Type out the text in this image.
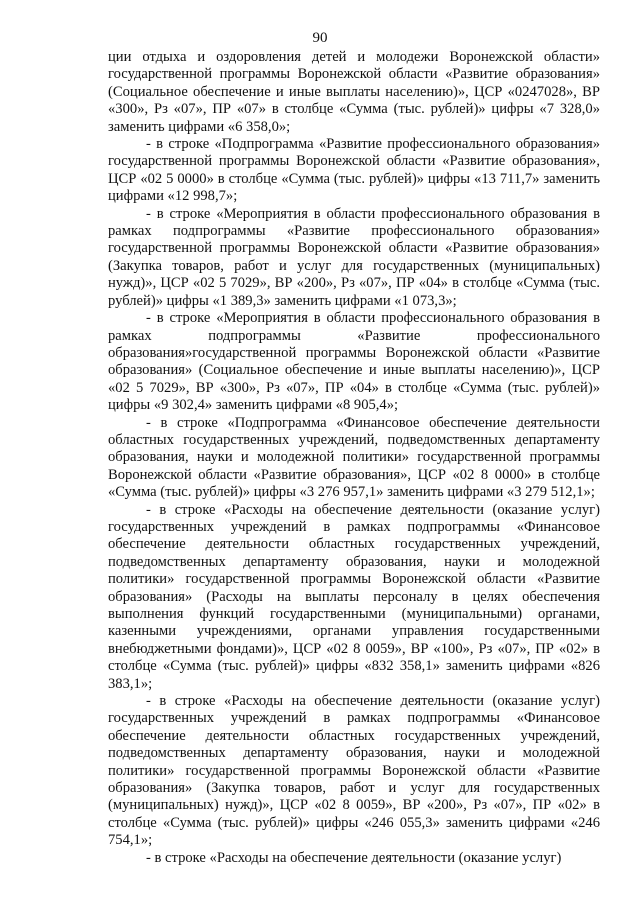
90

ции отдыха и оздоровления детей и молодежи Воронежской области» государственной программы Воронежской области «Развитие образования» (Социальное обеспечение и иные выплаты населению)», ЦСР «0247028», ВР «300», Рз «07», ПР «07» в столбце «Сумма (тыс. рублей)» цифры «7 328,0» заменить цифрами «6 358,0»;

- в строке «Подпрограмма «Развитие профессионального образования» государственной программы Воронежской области «Развитие образования», ЦСР «02 5 0000» в столбце «Сумма (тыс. рублей)» цифры «13 711,7» заменить цифрами «12 998,7»;

- в строке «Мероприятия в области профессионального образования в рамках подпрограммы «Развитие профессионального образования» государственной программы Воронежской области «Развитие образования» (Закупка товаров, работ и услуг для государственных (муниципальных) нужд)», ЦСР «02 5 7029», ВР «200», Рз «07», ПР «04» в столбце «Сумма (тыс. рублей)» цифры «1 389,3» заменить цифрами «1 073,3»;

- в строке «Мероприятия в области профессионального образования в рамках подпрограммы «Развитие профессионального образования»государственной программы Воронежской области «Развитие образования» (Социальное обеспечение и иные выплаты населению)», ЦСР «02 5 7029», ВР «300», Рз «07», ПР «04» в столбце «Сумма (тыс. рублей)» цифры «9 302,4» заменить цифрами «8 905,4»;

- в строке «Подпрограмма «Финансовое обеспечение деятельности областных государственных учреждений, подведомственных департаменту образования, науки и молодежной политики» государственной программы Воронежской области «Развитие образования», ЦСР «02 8 0000» в столбце «Сумма (тыс. рублей)» цифры «3 276 957,1» заменить цифрами «3 279 512,1»;

- в строке «Расходы на обеспечение деятельности (оказание услуг) государственных учреждений в рамках подпрограммы «Финансовое обеспечение деятельности областных государственных учреждений, подведомственных департаменту образования, науки и молодежной политики» государственной программы Воронежской области «Развитие образования» (Расходы на выплаты персоналу в целях обеспечения выполнения функций государственными (муниципальными) органами, казенными учреждениями, органами управления государственными внебюджетными фондами)», ЦСР «02 8 0059», ВР «100», Рз «07», ПР «02» в столбце «Сумма (тыс. рублей)» цифры «832 358,1» заменить цифрами «826 383,1»;

- в строке «Расходы на обеспечение деятельности (оказание услуг) государственных учреждений в рамках подпрограммы «Финансовое обеспечение деятельности областных государственных учреждений, подведомственных департаменту образования, науки и молодежной политики» государственной программы Воронежской области «Развитие образования» (Закупка товаров, работ и услуг для государственных (муниципальных) нужд)», ЦСР «02 8 0059», ВР «200», Рз «07», ПР «02» в столбце «Сумма (тыс. рублей)» цифры «246 055,3» заменить цифрами «246 754,1»;

- в строке «Расходы на обеспечение деятельности (оказание услуг)
